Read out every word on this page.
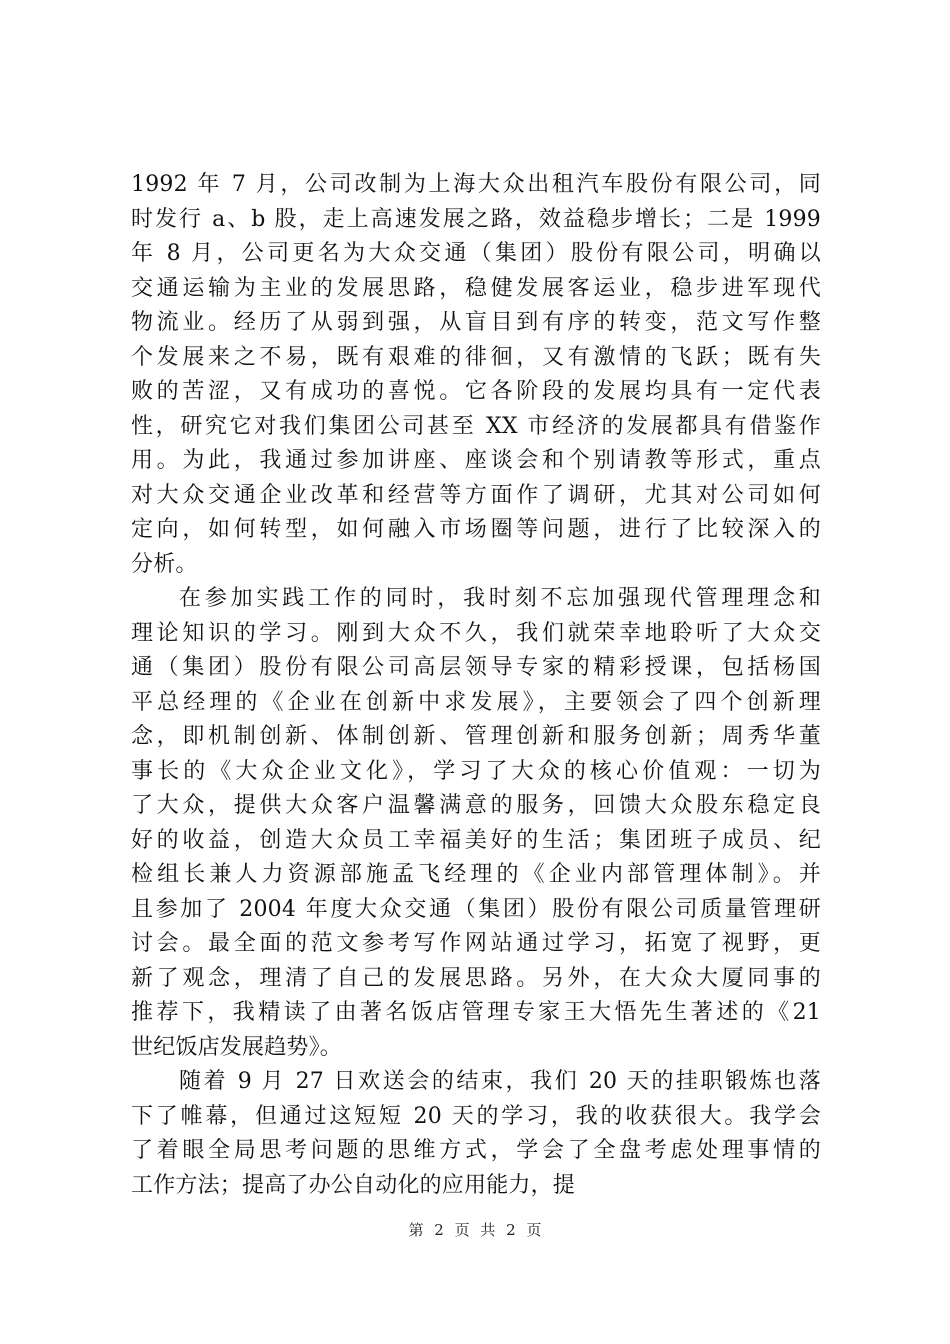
1992 年 7 月，公司改制为上海大众出租汽车股份有限公司，同
时发行 a、b 股，走上高速发展之路，效益稳步增长；二是 1999
年 8 月，公司更名为大众交通（集团）股份有限公司，明确以
交通运输为主业的发展思路，稳健发展客运业，稳步进军现代
物流业。经历了从弱到强，从盲目到有序的转变，范文写作整
个发展来之不易，既有艰难的徘徊，又有激情的飞跃；既有失
败的苦涩，又有成功的喜悦。它各阶段的发展均具有一定代表
性，研究它对我们集团公司甚至 XX 市经济的发展都具有借鉴作
用。为此，我通过参加讲座、座谈会和个别请教等形式，重点
对大众交通企业改革和经营等方面作了调研，尤其对公司如何
定向，如何转型，如何融入市场圈等问题，进行了比较深入的
分析。
在参加实践工作的同时，我时刻不忘加强现代管理理念和
理论知识的学习。刚到大众不久，我们就荣幸地聆听了大众交
通（集团）股份有限公司高层领导专家的精彩授课，包括杨国
平总经理的《企业在创新中求发展》，主要领会了四个创新理
念，即机制创新、体制创新、管理创新和服务创新；周秀华董
事长的《大众企业文化》，学习了大众的核心价值观：一切为
了大众，提供大众客户温馨满意的服务，回馈大众股东稳定良
好的收益，创造大众员工幸福美好的生活；集团班子成员、纪
检组长兼人力资源部施孟飞经理的《企业内部管理体制》。并
且参加了 2004 年度大众交通（集团）股份有限公司质量管理研
讨会。最全面的范文参考写作网站通过学习，拓宽了视野，更
新了观念，理清了自己的发展思路。另外，在大众大厦同事的
推荐下，我精读了由著名饭店管理专家王大悟先生著述的《21
世纪饭店发展趋势》。
随着 9 月 27 日欢送会的结束，我们 20 天的挂职锻炼也落
下了帷幕，但通过这短短 20 天的学习，我的收获很大。我学会
了着眼全局思考问题的思维方式，学会了全盘考虑处理事情的
工作方法；提高了办公自动化的应用能力，提
第 2 页 共 2 页
